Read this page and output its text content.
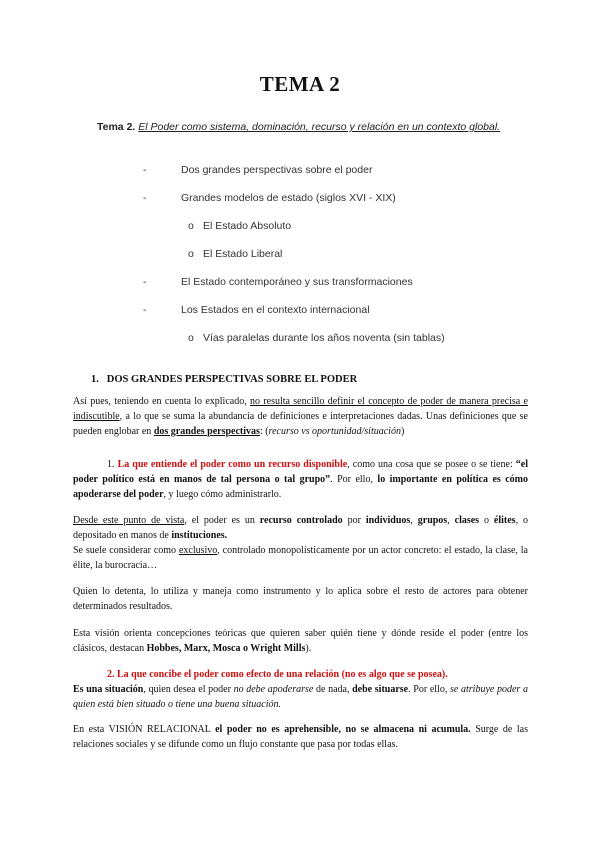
TEMA 2
Tema 2. El Poder como sistema, dominación, recurso y relación en un contexto global.
-	Dos grandes perspectivas sobre el poder
-	Grandes modelos de estado (siglos XVI - XIX)
o El Estado Absoluto
o El Estado Liberal
-	El Estado contemporáneo y sus transformaciones
-	Los Estados en el contexto internacional
o Vías paralelas durante los años noventa (sin tablas)
1. DOS GRANDES PERSPECTIVAS SOBRE EL PODER

Así pues, teniendo en cuenta lo explicado, no resulta sencillo definir el concepto de poder de manera precisa e indiscutible, a lo que se suma la abundancia de definiciones e interpretaciones dadas. Unas definiciones que se pueden englobar en dos grandes perspectivas: (recurso vs oportunidad/situación)

1. La que entiende el poder como un recurso disponible, como una cosa que se posee o se tiene: “el poder político está en manos de tal persona o tal grupo”. Por ello, lo importante en política es cómo apoderarse del poder, y luego cómo administrarlo.

Desde este punto de vista, el poder es un recurso controlado por individuos, grupos, clases o élites, o depositado en manos de instituciones.
Se suele considerar como exclusivo, controlado monopolísticamente por un actor concreto: el estado, la clase, la élite, la burocracia…

Quien lo detenta, lo utiliza y maneja como instrumento y lo aplica sobre el resto de actores para obtener determinados resultados.

Esta visión orienta concepciones teóricas que quieren saber quién tiene y dónde reside el poder (entre los clásicos, destacan Hobbes, Marx, Mosca o Wright Mills).

2. La que concibe el poder como efecto de una relación (no es algo que se posea).
Es una situación, quien desea el poder no debe apoderarse de nada, debe situarse. Por ello, se atribuye poder a quien está bien situado o tiene una buena situación.

En esta VISIÓN RELACIONAL el poder no es aprehensible, no se almacena ni acumula. Surge de las relaciones sociales y se difunde como un flujo constante que pasa por todas ellas.
